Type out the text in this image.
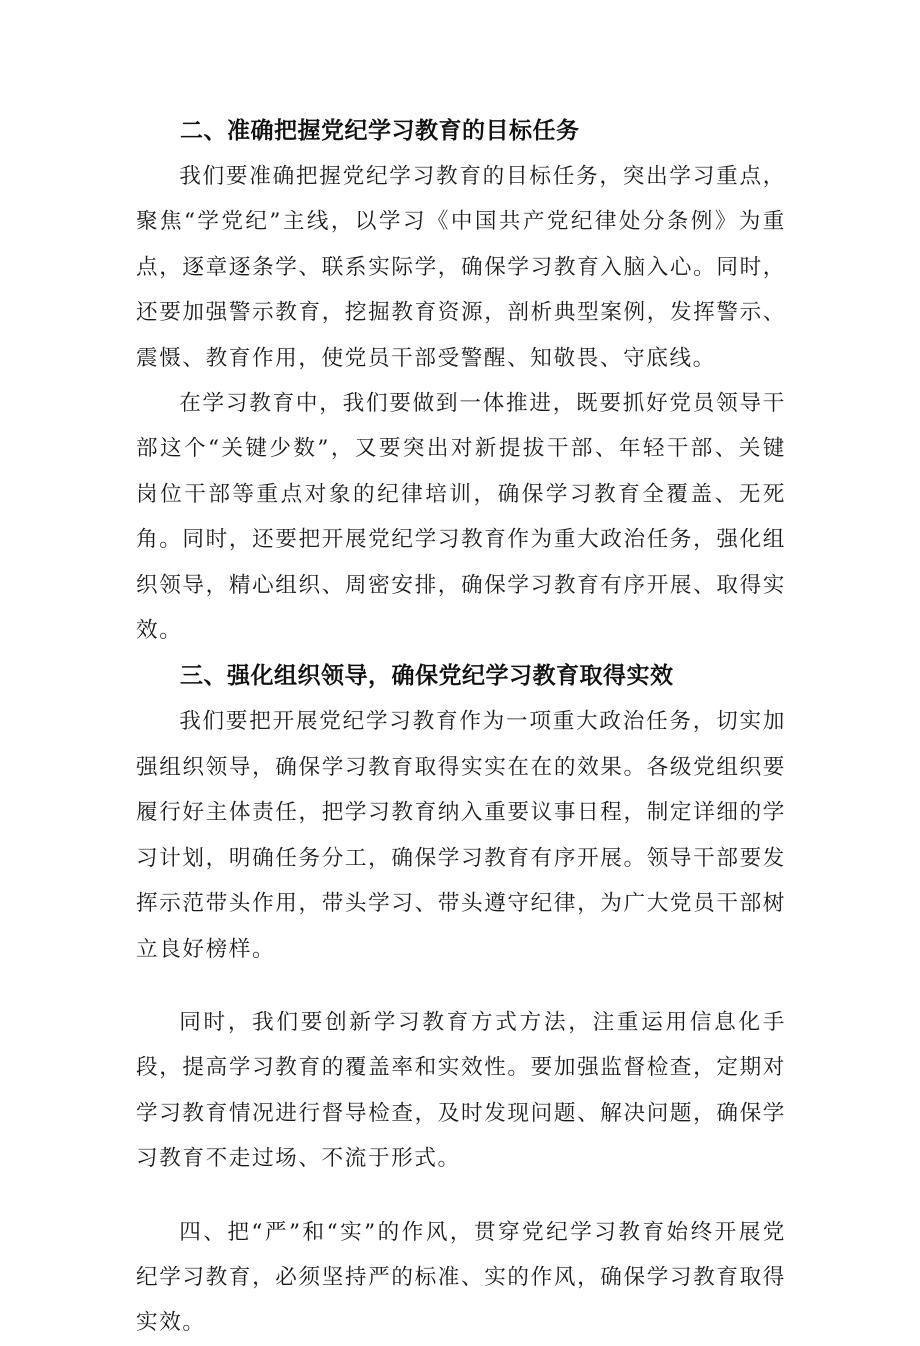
二、准确把握党纪学习教育的目标任务

我们要准确把握党纪学习教育的目标任务，突出学习重点，聚焦“学党纪”主线，以学习《中国共产党纪律处分条例》为重点，逐章逐条学、联系实际学，确保学习教育入脑入心。同时，还要加强警示教育，挖掘教育资源，剖析典型案例，发挥警示、震慑、教育作用，使党员干部受警醒、知敬畏、守底线。

在学习教育中，我们要做到一体推进，既要抓好党员领导干部这个“关键少数”，又要突出对新提拔干部、年轻干部、关键岗位干部等重点对象的纪律培训，确保学习教育全覆盖、无死角。同时，还要把开展党纪学习教育作为重大政治任务，强化组织领导，精心组织、周密安排，确保学习教育有序开展、取得实效。

三、强化组织领导，确保党纪学习教育取得实效

我们要把开展党纪学习教育作为一项重大政治任务，切实加强组织领导，确保学习教育取得实实在在的效果。各级党组织要履行好主体责任，把学习教育纳入重要议事日程，制定详细的学习计划，明确任务分工，确保学习教育有序开展。领导干部要发挥示范带头作用，带头学习、带头遵守纪律，为广大党员干部树立良好榜样。

同时，我们要创新学习教育方式方法，注重运用信息化手段，提高学习教育的覆盖率和实效性。要加强监督检查，定期对学习教育情况进行督导检查，及时发现问题、解决问题，确保学习教育不走过场、不流于形式。

四、把“严”和“实”的作风，贯穿党纪学习教育始终开展党纪学习教育，必须坚持严的标准、实的作风，确保学习教育取得实效。
